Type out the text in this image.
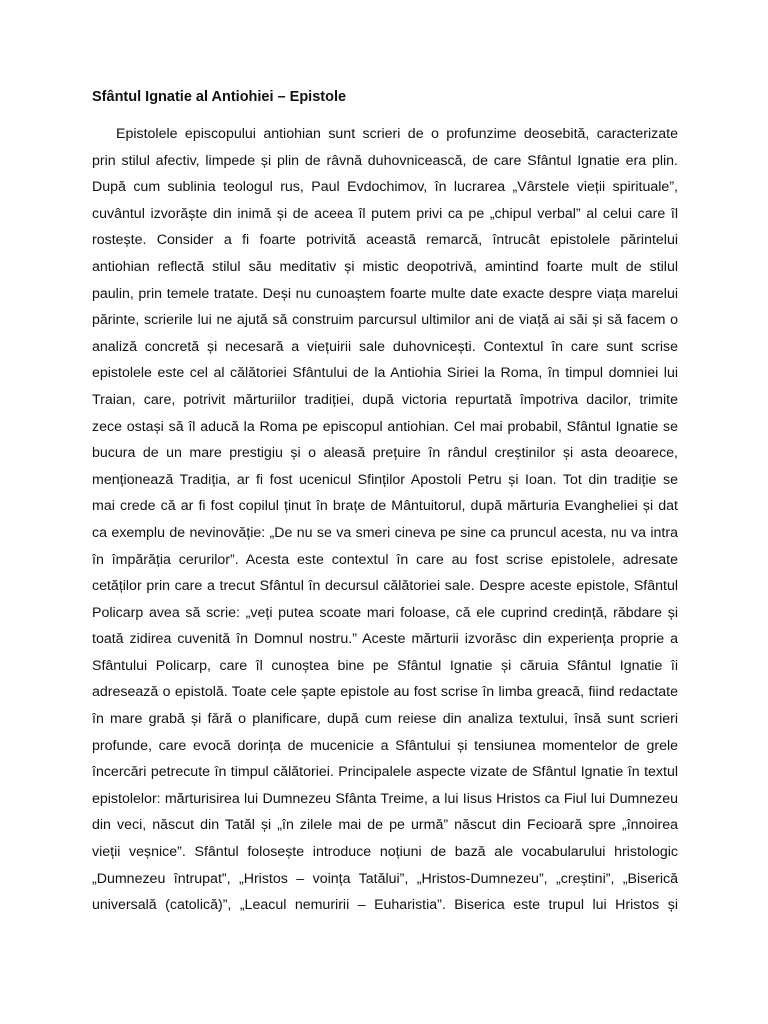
Sfântul Ignatie al Antiohiei – Epistole
Epistolele episcopului antiohian sunt scrieri de o profunzime deosebită, caracterizate
prin stilul afectiv, limpede și plin de râvnă duhovnicească, de care Sfântul Ignatie era plin.
După cum sublinia teologul rus, Paul Evdochimov, în lucrarea „Vârstele vieții spirituale”,
cuvântul izvorăște din inimă și de aceea îl putem privi ca pe „chipul verbal” al celui care îl
rostește. Consider a fi foarte potrivită această remarcă, întrucât epistolele părintelui
antiohian reflectă stilul său meditativ și mistic deopotrivă, amintind foarte mult de stilul
paulin, prin temele tratate. Deși nu cunoaștem foarte multe date exacte despre viața marelui
părinte, scrierile lui ne ajută să construim parcursul ultimilor ani de viață ai săi și să facem o
analiză concretă și necesară a viețuirii sale duhovnicești. Contextul în care sunt scrise
epistolele este cel al călătoriei Sfântului de la Antiohia Siriei la Roma, în timpul domniei lui
Traian, care, potrivit mărturiilor tradiției, după victoria repurtată împotriva dacilor, trimite
zece ostași să îl aducă la Roma pe episcopul antiohian. Cel mai probabil, Sfântul Ignatie se
bucura de un mare prestigiu și o aleasă prețuire în rândul creștinilor și asta deoarece,
menționează Tradiția, ar fi fost ucenicul Sfinților Apostoli Petru și Ioan. Tot din tradiție se
mai crede că ar fi fost copilul ținut în brațe de Mântuitorul, după mărturia Evangheliei și dat
ca exemplu de nevinovăție: „De nu se va smeri cineva pe sine ca pruncul acesta, nu va intra
în împărăția cerurilor”. Acesta este contextul în care au fost scrise epistolele, adresate
cetăților prin care a trecut Sfântul în decursul călătoriei sale. Despre aceste epistole, Sfântul
Policarp avea să scrie: „veți putea scoate mari foloase, că ele cuprind credință, răbdare și
toată zidirea cuvenită în Domnul nostru.” Aceste mărturii izvorăsc din experiența proprie a
Sfântului Policarp, care îl cunoștea bine pe Sfântul Ignatie și căruia Sfântul Ignatie îi
adresează o epistolă. Toate cele șapte epistole au fost scrise în limba greacă, fiind redactate
în mare grabă și fără o planificare, după cum reiese din analiza textului, însă sunt scrieri
profunde, care evocă dorința de mucenicie a Sfântului și tensiunea momentelor de grele
încercări petrecute în timpul călătoriei. Principalele aspecte vizate de Sfântul Ignatie în textul
epistolelor: mărturisirea lui Dumnezeu Sfânta Treime, a lui Iisus Hristos ca Fiul lui Dumnezeu
din veci, născut din Tatăl și „în zilele mai de pe urmă” născut din Fecioară spre „înnoirea
vieții veșnice”. Sfântul folosește introduce noțiuni de bază ale vocabularului hristologic
„Dumnezeu întrupat”, „Hristos – voința Tatălui”, „Hristos-Dumnezeu”, „creștini”, „Biserică
universală (catolică)”, „Leacul nemuririi – Euharistia”. Biserica este trupul lui Hristos și
